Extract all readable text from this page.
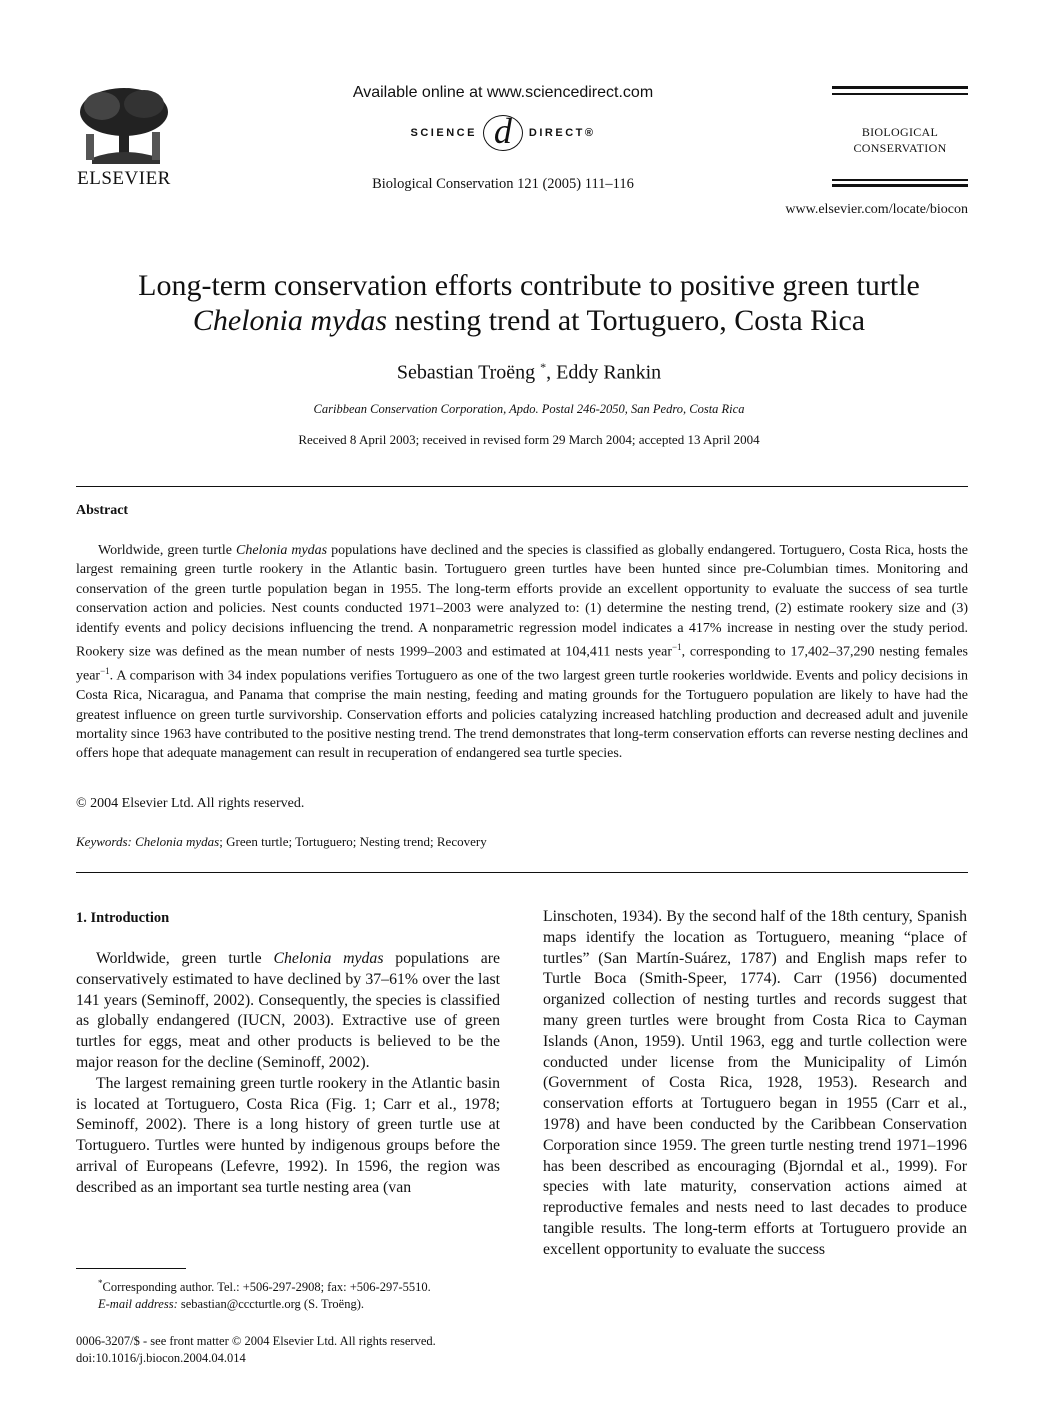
ELSEVIER
Available online at www.sciencedirect.com
SCIENCE d	DIRECT®
Biological Conservation 121 (2005) 111–116
BIOLOGICAL
CONSERVATION
www.elsevier.com/locate/biocon
Long-term conservation efforts contribute to positive green turtle
Chelonia mydas nesting trend at Tortuguero, Costa Rica
Sebastian Troëng *, Eddy Rankin
Caribbean Conservation Corporation, Apdo. Postal 246-2050, San Pedro, Costa Rica
Received 8 April 2003; received in revised form 29 March 2004; accepted 13 April 2004
Abstract
Worldwide, green turtle Chelonia mydas populations have declined and the species is classified as globally endangered. Tortuguero, Costa Rica, hosts the largest remaining green turtle rookery in the Atlantic basin. Tortuguero green turtles have been hunted since pre-Columbian times. Monitoring and conservation of the green turtle population began in 1955. The long-term efforts provide an excellent opportunity to evaluate the success of sea turtle conservation action and policies. Nest counts conducted 1971–2003 were analyzed to: (1) determine the nesting trend, (2) estimate rookery size and (3) identify events and policy decisions influencing the trend. A nonparametric regression model indicates a 417% increase in nesting over the study period. Rookery size was defined as the mean number of nests 1999–2003 and estimated at 104,411 nests year$^{-1}$, corresponding to 17,402–37,290 nesting females year$^{-1}$. A comparison with 34 index populations verifies Tortuguero as one of the two largest green turtle rookeries worldwide. Events and policy decisions in Costa Rica, Nicaragua, and Panama that comprise the main nesting, feeding and mating grounds for the Tortuguero population are likely to have had the greatest influence on green turtle survivorship. Conservation efforts and policies catalyzing increased hatchling production and decreased adult and juvenile mortality since 1963 have contributed to the positive nesting trend. The trend demonstrates that long-term conservation efforts can reverse nesting declines and offers hope that adequate management can result in recuperation of endangered sea turtle species.
© 2004 Elsevier Ltd. All rights reserved.
Keywords: Chelonia mydas; Green turtle; Tortuguero; Nesting trend; Recovery
1. Introduction

Worldwide, green turtle Chelonia mydas populations are conservatively estimated to have declined by 37–61% over the last 141 years (Seminoff, 2002). Consequently, the species is classified as globally endangered (IUCN, 2003). Extractive use of green turtles for eggs, meat and other products is believed to be the major reason for the decline (Seminoff, 2002).

The largest remaining green turtle rookery in the Atlantic basin is located at Tortuguero, Costa Rica (Fig. 1; Carr et al., 1978; Seminoff, 2002). There is a long history of green turtle use at Tortuguero. Turtles were hunted by indigenous groups before the arrival of Europeans (Lefevre, 1992). In 1596, the region was described as an important sea turtle nesting area (van

Linschoten, 1934). By the second half of the 18th century, Spanish maps identify the location as Tortuguero, meaning “place of turtles” (San Martín-Suárez, 1787) and English maps refer to Turtle Boca (Smith-Speer, 1774). Carr (1956) documented organized collection of nesting turtles and records suggest that many green turtles were brought from Costa Rica to Cayman Islands (Anon, 1959). Until 1963, egg and turtle collection were conducted under license from the Municipality of Limón (Government of Costa Rica, 1928, 1953). Research and conservation efforts at Tortuguero began in 1955 (Carr et al., 1978) and have been conducted by the Caribbean Conservation Corporation since 1959. The green turtle nesting trend 1971–1996 has been described as encouraging (Bjorndal et al., 1999). For species with late maturity, conservation actions aimed at reproductive females and nests need to last decades to produce tangible results. The long-term efforts at Tortuguero provide an excellent opportunity to evaluate the success

*Corresponding author. Tel.: +506-297-2908; fax: +506-297-5510.
E-mail address: sebastian@cccturtle.org (S. Troëng).
0006-3207/$ - see front matter © 2004 Elsevier Ltd. All rights reserved.
doi:10.1016/j.biocon.2004.04.014
